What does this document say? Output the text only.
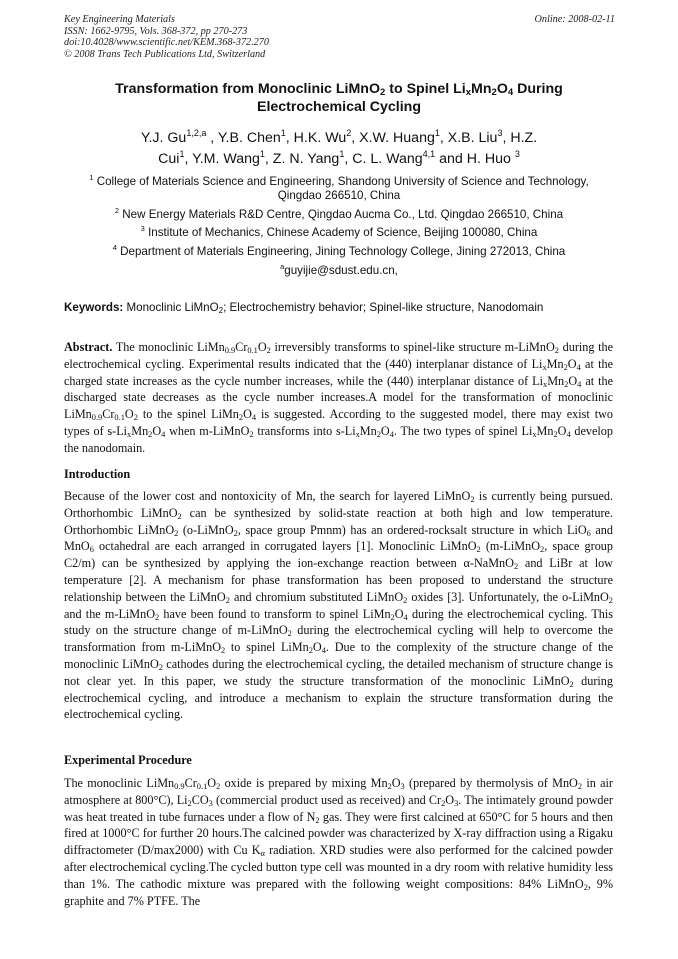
Key Engineering Materials
ISSN: 1662-9795, Vols. 368-372, pp 270-273
doi:10.4028/www.scientific.net/KEM.368-372.270
© 2008 Trans Tech Publications Ltd, Switzerland
Online: 2008-02-11
Transformation from Monoclinic LiMnO$_2$ to Spinel $Li_xMn_2O_4$ During
Electrochemical Cycling
Y.J. Gu$^{1,2,a}$ , Y.B. Chen$^1$, H.K. Wu$^2$, X.W. Huang$^1$, X.B. Liu$^3$, H.Z.
Cui$^1$, Y.M. Wang$^1$, Z. N. Yang$^1$, C. L. Wang$^{4,1}$ and H. Huo $^3$
$^1$ College of Materials Science and Engineering, Shandong University of Science and Technology,
Qingdao 266510, China
$^2$ New Energy Materials R&D Centre, Qingdao Aucma Co., Ltd. Qingdao 266510, China
$^3$ Institute of Mechanics, Chinese Academy of Science, Beijing 100080, China
$^4$ Department of Materials Engineering, Jining Technology College, Jining 272013, China
$^a$guyijie@sdust.edu.cn,
Keywords: Monoclinic LiMnO$_2$; Electrochemistry behavior; Spinel-like structure, Nanodomain

Abstract. The monoclinic $LiMn_{0.9}Cr_{0.1}O_2$ irreversibly transforms to spinel-like structure m-LiMnO$_2$ during the electrochemical cycling. Experimental results indicated that the (440) interplanar distance of $Li_xMn_2O_4$ at the charged state increases as the cycle number increases, while the (440) interplanar distance of $Li_xMn_2O_4$ at the discharged state decreases as the cycle number increases.A model for the transformation of monoclinic $LiMn_{0.9}Cr_{0.1}O_2$ to the spinel $LiMn_2O_4$ is suggested. According to the suggested model, there may exist two types of $s-Li_xMn_2O_4$ when m-LiMnO$_2$ transforms into $s-Li_xMn_2O_4$. The two types of spinel $Li_xMn_2O_4$ develop the nanodomain.

Introduction

Because of the lower cost and nontoxicity of Mn, the search for layered LiMnO$_2$ is currently being pursued. Orthorhombic LiMnO$_2$ can be synthesized by solid-state reaction at both high and low temperature. Orthorhombic LiMnO$_2$ (o-LiMnO$_2$, space group Pmnm) has an ordered-rocksalt structure in which LiO$_6$ and MnO$_6$ octahedral are each arranged in corrugated layers [1]. Monoclinic LiMnO$_2$ (m-LiMnO$_2$, space group C2/m) can be synthesized by applying the ion-exchange reaction between α-NaMnO$_2$ and LiBr at low temperature [2]. A mechanism for phase transformation has been proposed to understand the structure relationship between the LiMnO$_2$ and chromium substituted LiMnO$_2$ oxides [3]. Unfortunately, the o-LiMnO$_2$ and the m-LiMnO$_2$ have been found to transform to spinel $LiMn_2O_4$ during the electrochemical cycling. This study on the structure change of m-LiMnO$_2$ during the electrochemical cycling will help to overcome the transformation from m-LiMnO$_2$ to spinel $LiMn_2O_4$. Due to the complexity of the structure change of the monoclinic LiMnO$_2$ cathodes during the electrochemical cycling, the detailed mechanism of structure change is not clear yet. In this paper, we study the structure transformation of the monoclinic LiMnO$_2$ during electrochemical cycling, and introduce a mechanism to explain the structure transformation during the electrochemical cycling.

Experimental Procedure

The monoclinic $LiMn_{0.9}Cr_{0.1}O_2$ oxide is prepared by mixing $Mn_2O_3$ (prepared by thermolysis of MnO$_2$ in air atmosphere at 800°C), $Li_2CO_3$ (commercial product used as received) and $Cr_2O_3$. The intimately ground powder was heat treated in tube furnaces under a flow of $N_2$ gas. They were first calcined at 650°C for 5 hours and then fired at 1000°C for further 20 hours.The calcined powder was characterized by X-ray diffraction using a Rigaku diffractometer (D/max2000) with Cu $K_\alpha$ radiation. XRD studies were also performed for the calcined powder after electrochemical cycling.The cycled button type cell was mounted in a dry room with relative humidity less than 1%. The cathodic mixture was prepared with the following weight compositions: 84% LiMnO$_2$, 9% graphite and 7% PTFE. The
